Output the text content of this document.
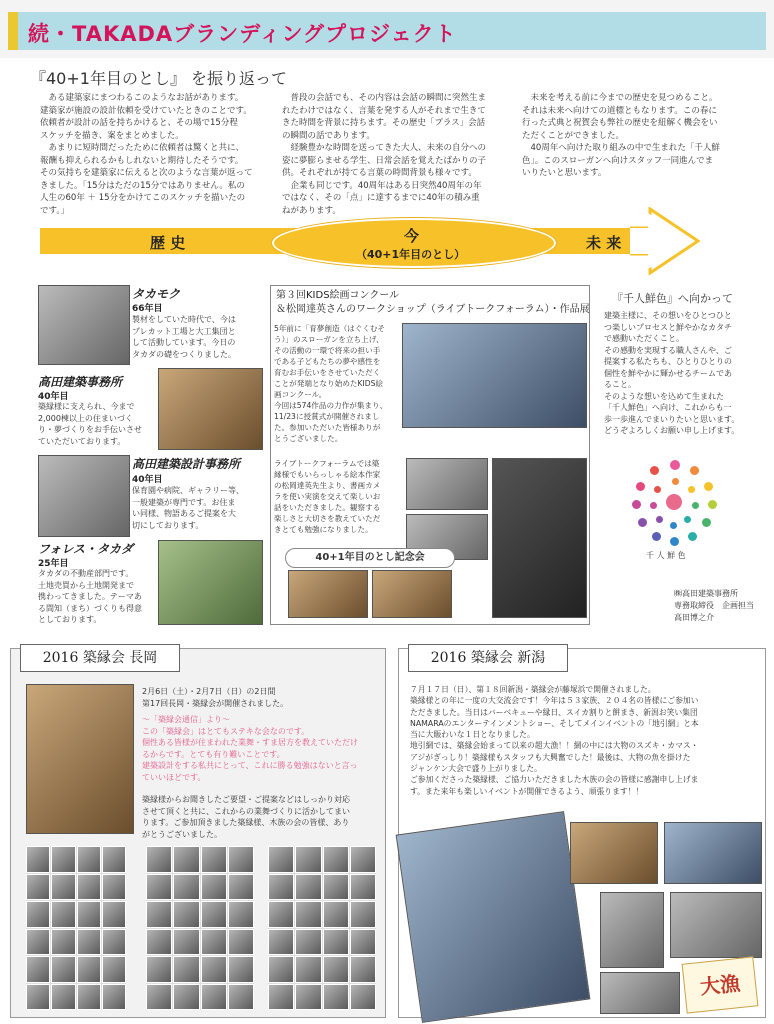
続・TAKADAブランディングプロジェクト
『40+1年目のとし』 を振り返って
　ある建築家にまつわるこのようなお話があります。
建築家が施設の設計依頼を受けていたときのことです。
依頼者が設計の話を持ちかけると、その場で15分程
スケッチを描き、案をまとめました。
　あまりに短時間だったために依頼者は驚くと共に、
報酬も抑えられるかもしれないと期待したそうです。
その気持ちを建築家に伝えると次のような言葉が返って
きました。「15分はただの15分ではありません。私の
人生の60年 ＋ 15分をかけてこのスケッチを描いたの
です。」
　普段の会話でも、その内容は会話の瞬間に突然生ま
れたわけではなく、言葉を発する人がそれまで生きて
きた時間を背景に持ちます。その歴史「プラス」会話
の瞬間の話であります。
　経験豊かな時間を送ってきた大人、未来の自分への
姿に夢膨らませる学生、日常会話を覚えたばかりの子
供。それぞれが持てる言葉の時間背景も様々です。
　企業も同じです。40周年はある日突然40周年の年
ではなく、その「点」に達するまでに40年の積み重
ねがあります。
　未来を考える前に今までの歴史を見つめること。
それは未来へ向けての道標ともなります。この春に
行った式典と祝賀会も弊社の歴史を紐解く機会をい
ただくことができました。
　40周年へ向けた取り組みの中で生まれた「千人鮮
色」。このスローガンへ向けスタッフ一同進んでま
いりたいと思います。
歴 史	今
（40+1年目のとし）
未 来
タカモク
66年目
製材をしていた時代で、今は
プレカット工場と大工集団と
して活動しています。今日の
タカダの礎をつくりました。
高田建築事務所
40年目
築縁様に支えられ、今まで
2,000棟以上の住まいづく
り・夢づくりをお手伝いさせ
ていただいております。
高田建築設計事務所
40年目
保育園や病院、ギャラリー等、
一般建築が専門です。お住ま
い同様、物語あるご提案を大
切にしております。
フォレス・タカダ
25年目
タカダの不動産部門です。
土地売買から土地開発まで
携わってきました。テーマあ
る間知（まち）づくりも得意
としております。
第３回KIDS絵画コンクール
＆松岡達英さんのワークショップ（ライブトークフォーラム）・作品展
5年前に「育夢創造（はぐくむそう）」のスローガンを立ち上げ、
その活動の一環で将来の担い手
である子どもたちの夢や感性を
育むお手伝いをさせていただく
ことが発端となり始めたKIDS絵
画コンクール。
今回は574作品の力作が集まり、
11/23に授賞式が開催されまし
た。参加いただいた皆様ありが
とうございました。
ライブトークフォーラムでは築
縁様でもいらっしゃる絵本作家
の松岡達英先生より、書画カメ
ラを使い実演を交えて楽しいお
話をいただきました。観察する
楽しさと大切さを教えていただ
きとても勉強になりました。
40+1年目のとし記念会
『千人鮮色』へ向かって
建築主様に、その想いをひとつひと
つ楽しいプロセスと鮮やかなカタチ
で感動いただくこと。
その感動を実現する職人さんや、ご
提案する私たちも、ひとりひとりの
個性を鮮やかに輝かせるチームであ
ること。
そのような想いを込めて生まれた
「千人鮮色」へ向け、これからも一
歩一歩進んでまいりたいと思います。
どうぞよろしくお願い申し上げます。
千 人 鮮 色
㈱高田建築事務所
専務取締役　企画担当
高田博之介
2016 築縁会 長岡
2月6日（土）・2月7日（日）の2日間
第17回長岡・築縁会が開催されました。
～「築縁会通信」より～
この「築縁会」はとてもステキな会なのです。
個性ある皆様が住まわれた業舞・すま居方を教えていただけ
るからです。とても有り難いことです。
建築設計をする私共にとって、これに勝る勉強はないと言っ
ていいほどです。
築縁様からお聞きしたご要望・ご提案などはしっかり対応
させて頂くと共に、これからの業舞づくりに活かしてまい
ります。ご参加頂きました築縁様、木族の会の皆様、あり
がとうございました。
2016 築縁会 新潟
７月１７日（日）、第１８回新潟・築縁会が藤塚浜で開催されました。
築縁様との年に一度の大交流会です！今年は５３家族、２０４名の皆様にご参加い
ただきました。当日はバーベキューや縁日、スイカ割りと餅まき、新潟お笑い集団
NAMARAのエンターテインメントショー、そしてメインイベントの「地引網」と本
当に大賑わいな１日となりました。
地引網では、築縁会始まって以来の超大漁！！網の中には大物のスズキ・カマス・
アジがぎっしり！築縁様もスタッフも大興奮でした！最後は、大物の魚を掛けた
ジャンケン大会で盛り上がりました。
ご参加くださった築縁様、ご協力いただきました木族の会の皆様に感謝申し上げま
す。また来年も楽しいイベントが開催できるよう、頑張ります！！
大漁
